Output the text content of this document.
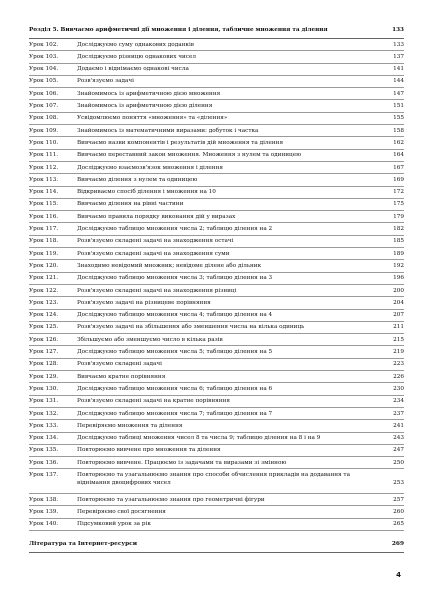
Розділ 5. Вивчаємо арифметичні дії множення і ділення, табличне множення та ділення	133
Урок 102.	Досліджуємо суму однакових доданків	133
Урок 103.	Досліджуємо різницю однакових чисел	137
Урок 104.	Додаємо і віднімаємо однакові числа	141
Урок 105.	Розв'язуємо задачі	144
Урок 106.	Знайомимось із арифметичною дією множення	147
Урок 107.	Знайомимось із арифметичною дією ділення	151
Урок 108.	Усвідомлюємо поняття «множення» та «ділення»	155
Урок 109.	Знайомимось із математичними виразами: добуток і частка	158
Урок 110.	Вивчаємо назви компонентів і результатів дій множення та ділення	162
Урок 111.	Вивчаємо переставний закон множення. Множення з нулем та одиницею	164
Урок 112.	Досліджуємо взаємозв'язок множення і ділення	167
Урок 113.	Вивчаємо ділення з нулем та одиницею	169
Урок 114.	Відкриваємо спосіб ділення і множення на 10	172
Урок 115.	Вивчаємо ділення на рівні частини	175
Урок 116.	Вивчаємо правила порядку виконання дій у виразах	179
Урок 117.	Досліджуємо таблицю множення числа 2; таблицю ділення на 2	182
Урок 118.	Розв'язуємо складені задачі на знаходження остачі	185
Урок 119.	Розв'язуємо складені задачі на знаходження суми	189
Урок 120.	Знаходимо невідомий множник; невідоме ділене або дільник	192
Урок 121.	Досліджуємо таблицю множення числа 3; таблицю ділення на 3	196
Урок 122.	Розв'язуємо складені задачі на знаходження різниці	200
Урок 123.	Розв'язуємо задачі на різницеве порівняння	204
Урок 124.	Досліджуємо таблицю множення числа 4; таблицю ділення на 4	207
Урок 125.	Розв'язуємо задачі на збільшення або зменшення числа на кілька одиниць	211
Урок 126.	Збільшуємо або зменшуємо число в кілька разів	215
Урок 127.	Досліджуємо таблицю множення числа 5; таблицю ділення на 5	219
Урок 128.	Розв'язуємо складені задачі	223
Урок 129.	Вивчаємо кратне порівняння	226
Урок 130.	Досліджуємо таблицю множення числа 6; таблицю ділення на 6	230
Урок 131.	Розв'язуємо складені задачі на кратне порівняння	234
Урок 132.	Досліджуємо таблицю множення числа 7; таблицю ділення на 7	237
Урок 133.	Перевіряємо множення та ділення	241
Урок 134.	Досліджуємо таблиці множення чисел 8 та числа 9; таблицю ділення на 8 і на 9	243
Урок 135.	Повторюємо вивчене про множення та ділення	247
Урок 136.	Повторюємо вивчене. Працюємо із задачами та виразами зі змінною	250
Урок 137.	Повторюємо та узагальнюємо знання про способи обчислення прикладів на додавання та віднімання двоцифрових чисел	253
Урок 138.	Повторюємо та узагальнюємо знання про геометричні фігури	257
Урок 139.	Перевіряємо свої досягнення	260
Урок 140.	Підсумковий урок за рік	265
Література та Інтернет-ресурси	269
4
